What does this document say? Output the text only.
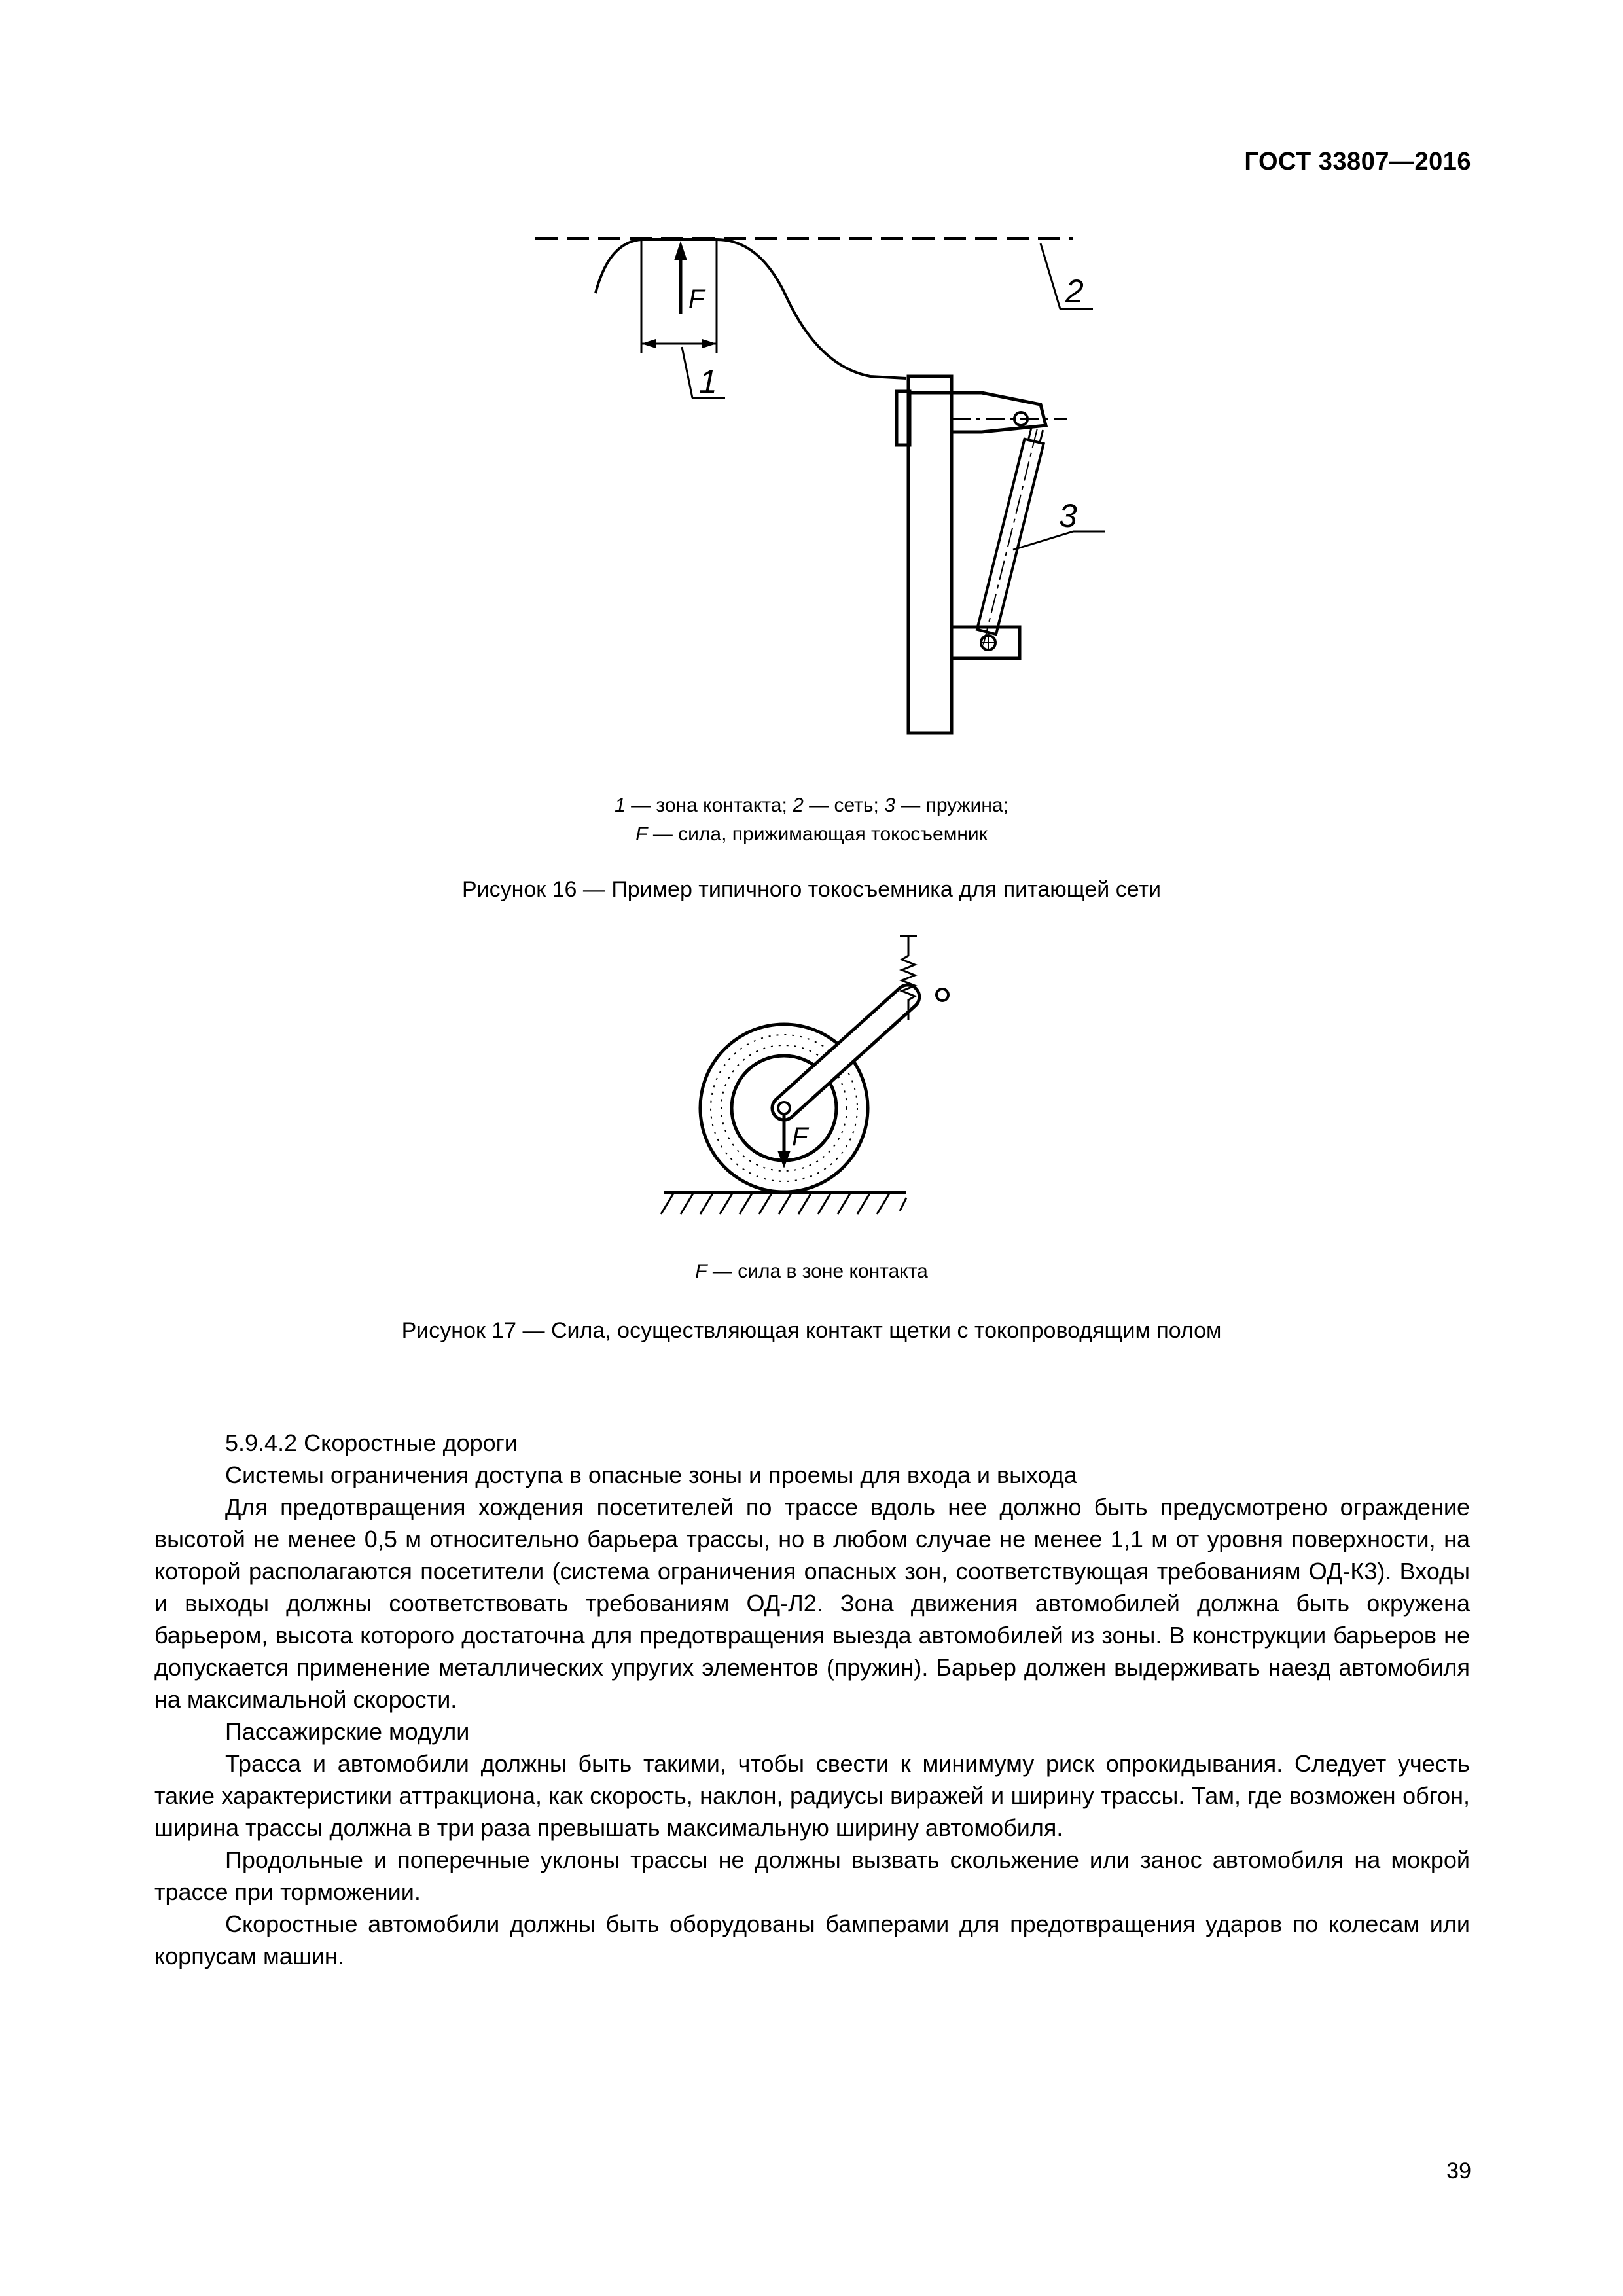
ГОСТ 33807—2016
F
1
2
3
1 — зона контакта; 2 — сеть; 3 — пружина;
F — сила, прижимающая токосъемник
Рисунок 16 — Пример типичного токосъемника для питающей сети
F
F — сила в зоне контакта
Рисунок 17 — Сила, осуществляющая контакт щетки с токопроводящим полом

5.9.4.2 Скоростные дороги

Системы ограничения доступа в опасные зоны и проемы для входа и выхода

Для предотвращения хождения посетителей по трассе вдоль нее должно быть предусмотрено ограждение высотой не менее 0,5 м относительно барьера трассы, но в любом случае не менее 1,1 м от уровня поверхности, на которой располагаются посетители (система ограничения опасных зон, соответствующая требованиям ОД-К3). Входы и выходы должны соответствовать требованиям ОД-Л2. Зона движения автомобилей должна быть окружена барьером, высота которого достаточна для предотвращения выезда автомобилей из зоны. В конструкции барьеров не допускается применение металлических упругих элементов (пружин). Барьер должен выдерживать наезд автомобиля на максимальной скорости.

Пассажирские модули

Трасса и автомобили должны быть такими, чтобы свести к минимуму риск опрокидывания. Следует учесть такие характеристики аттракциона, как скорость, наклон, радиусы виражей и ширину трассы. Там, где возможен обгон, ширина трассы должна в три раза превышать максимальную ширину автомобиля.

Продольные и поперечные уклоны трассы не должны вызвать скольжение или занос автомобиля на мокрой трассе при торможении.

Скоростные автомобили должны быть оборудованы бамперами для предотвращения ударов по колесам или корпусам машин.

39
